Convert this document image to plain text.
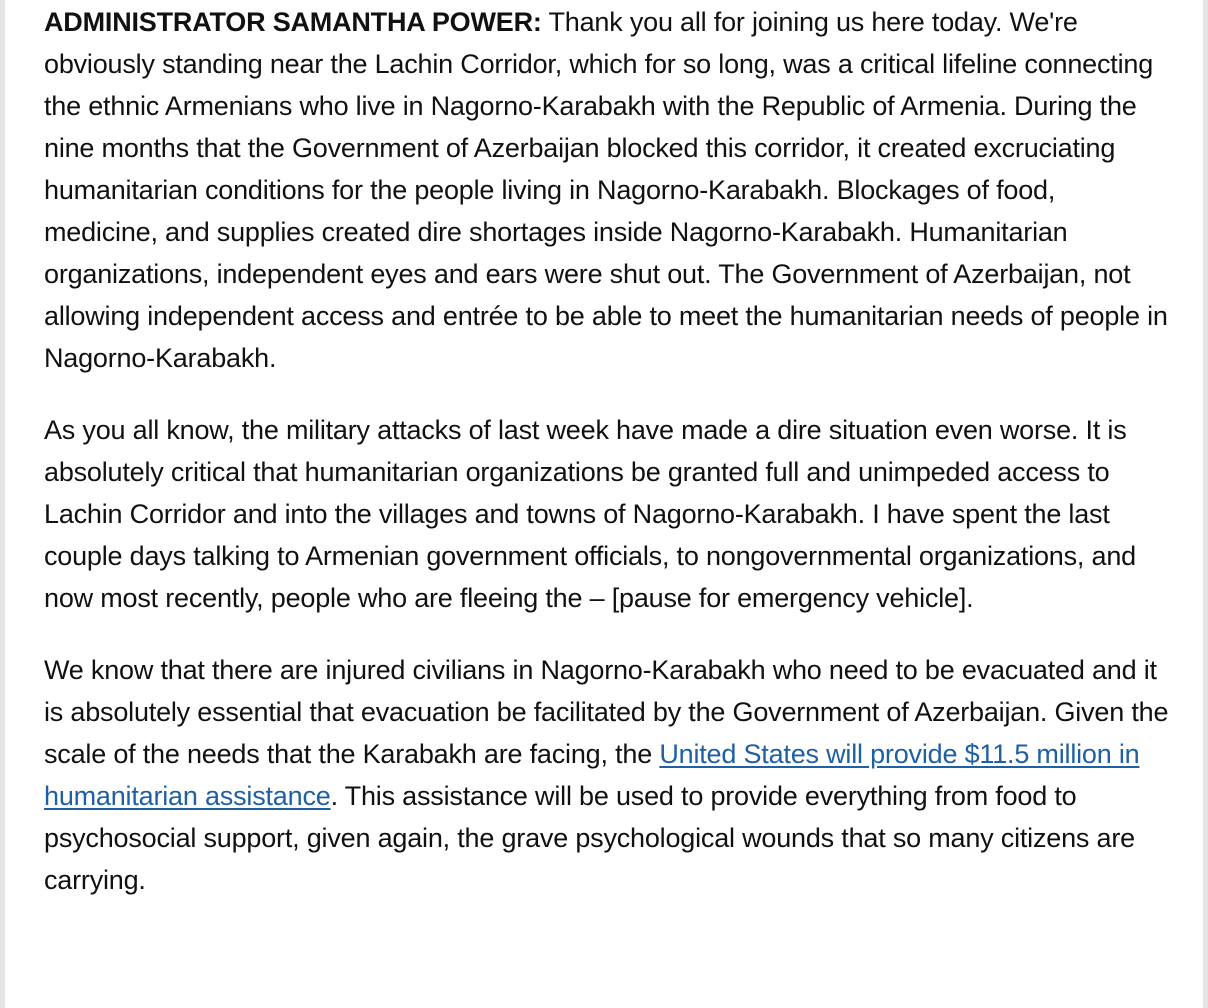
ADMINISTRATOR SAMANTHA POWER: Thank you all for joining us here today. We're obviously standing near the Lachin Corridor, which for so long, was a critical lifeline connecting the ethnic Armenians who live in Nagorno-Karabakh with the Republic of Armenia. During the nine months that the Government of Azerbaijan blocked this corridor, it created excruciating humanitarian conditions for the people living in Nagorno-Karabakh. Blockages of food, medicine, and supplies created dire shortages inside Nagorno-Karabakh. Humanitarian organizations, independent eyes and ears were shut out. The Government of Azerbaijan, not allowing independent access and entrée to be able to meet the humanitarian needs of people in Nagorno-Karabakh.

As you all know, the military attacks of last week have made a dire situation even worse. It is absolutely critical that humanitarian organizations be granted full and unimpeded access to Lachin Corridor and into the villages and towns of Nagorno-Karabakh. I have spent the last couple days talking to Armenian government officials, to nongovernmental organizations, and now most recently, people who are fleeing the – [pause for emergency vehicle].

We know that there are injured civilians in Nagorno-Karabakh who need to be evacuated and it is absolutely essential that evacuation be facilitated by the Government of Azerbaijan. Given the scale of the needs that the Karabakh are facing, the United States will provide $11.5 million in humanitarian assistance. This assistance will be used to provide everything from food to psychosocial support, given again, the grave psychological wounds that so many citizens are carrying.
